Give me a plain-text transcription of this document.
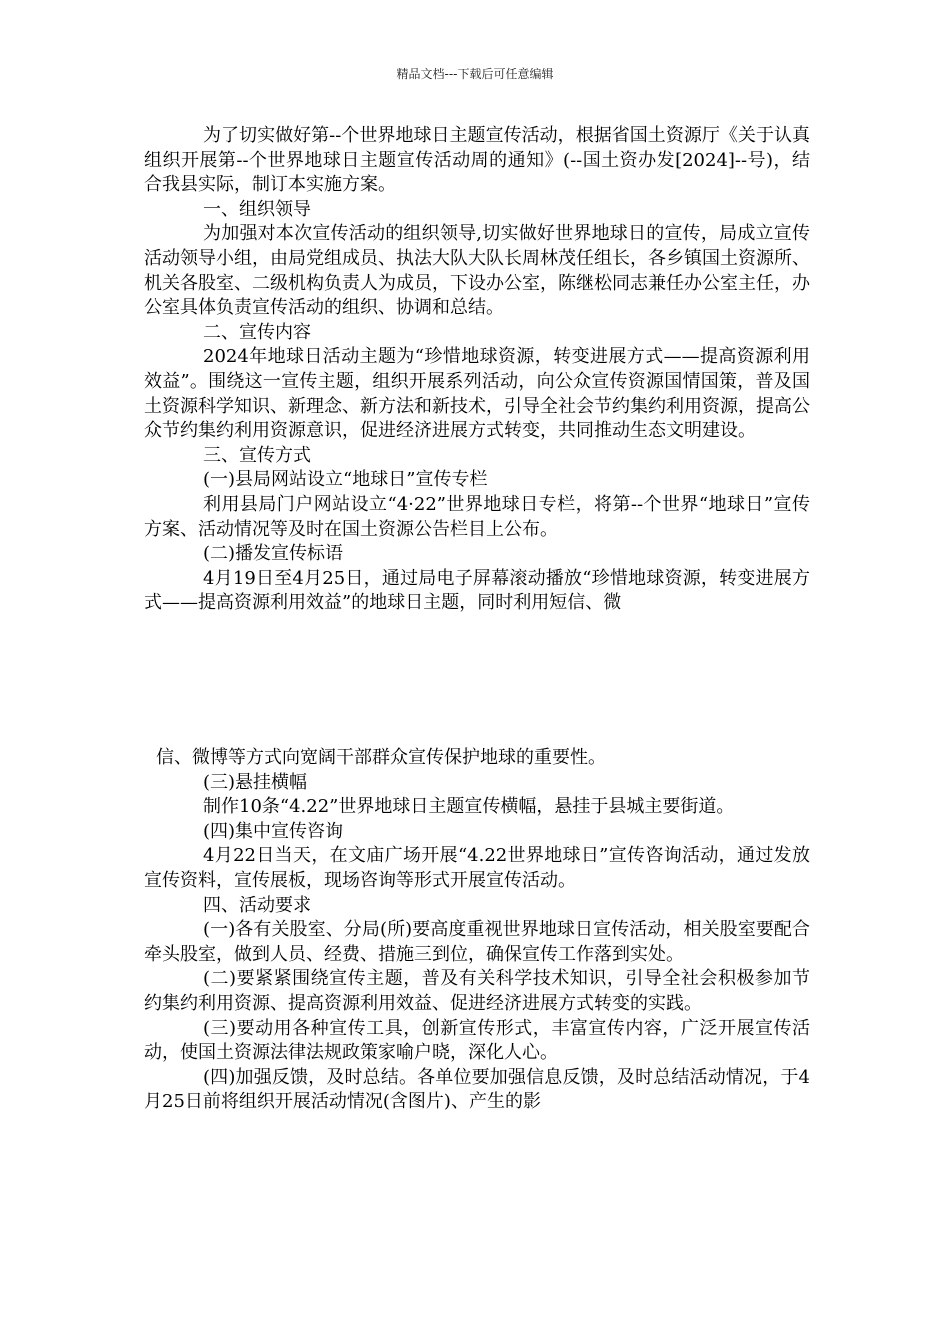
精品文档---下载后可任意编辑

为了切实做好第--个世界地球日主题宣传活动，根据省国土资源厅《关于认真组织开展第--个世界地球日主题宣传活动周的通知》(--国土资办发[2024]--号)，结合我县实际，制订本实施方案。

一、组织领导

为加强对本次宣传活动的组织领导,切实做好世界地球日的宣传，局成立宣传活动领导小组，由局党组成员、执法大队大队长周林茂任组长，各乡镇国土资源所、机关各股室、二级机构负责人为成员，下设办公室，陈继松同志兼任办公室主任，办公室具体负责宣传活动的组织、协调和总结。

二、宣传内容

2024年地球日活动主题为“珍惜地球资源，转变进展方式——提高资源利用效益”。围绕这一宣传主题，组织开展系列活动，向公众宣传资源国情国策，普及国土资源科学知识、新理念、新方法和新技术，引导全社会节约集约利用资源，提高公众节约集约利用资源意识，促进经济进展方式转变，共同推动生态文明建设。

三、宣传方式

(一)县局网站设立“地球日”宣传专栏

利用县局门户网站设立“4·22”世界地球日专栏，将第--个世界“地球日”宣传方案、活动情况等及时在国土资源公告栏目上公布。

(二)播发宣传标语

4月19日至4月25日，通过局电子屏幕滚动播放“珍惜地球资源，转变进展方式——提高资源利用效益”的地球日主题，同时利用短信、微

信、微博等方式向宽阔干部群众宣传保护地球的重要性。

(三)悬挂横幅

制作10条“4.22”世界地球日主题宣传横幅，悬挂于县城主要街道。

(四)集中宣传咨询

4月22日当天，在文庙广场开展“4.22世界地球日”宣传咨询活动，通过发放宣传资料，宣传展板，现场咨询等形式开展宣传活动。

四、活动要求

(一)各有关股室、分局(所)要高度重视世界地球日宣传活动，相关股室要配合牵头股室，做到人员、经费、措施三到位，确保宣传工作落到实处。

(二)要紧紧围绕宣传主题，普及有关科学技术知识，引导全社会积极参加节约集约利用资源、提高资源利用效益、促进经济进展方式转变的实践。

(三)要动用各种宣传工具，创新宣传形式，丰富宣传内容，广泛开展宣传活动，使国土资源法律法规政策家喻户晓，深化人心。

(四)加强反馈，及时总结。各单位要加强信息反馈，及时总结活动情况，于4月25日前将组织开展活动情况(含图片)、产生的影
